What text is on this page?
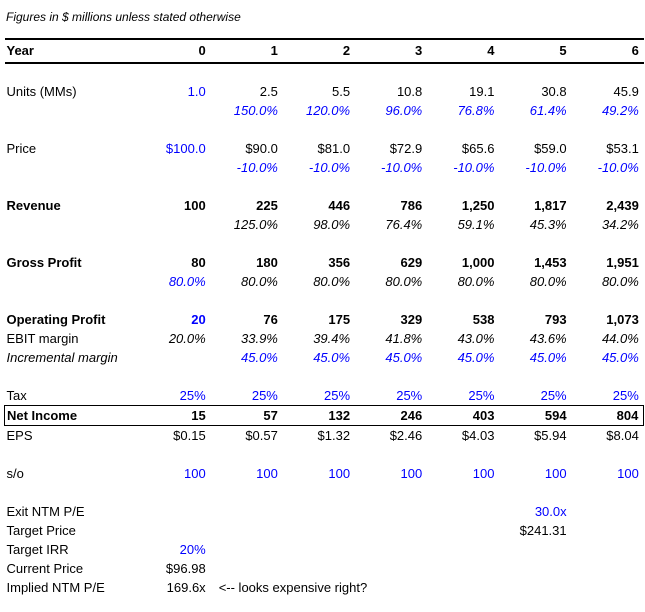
Figures in $ millions unless stated otherwise
Year	0	1	2	3	4	5	6

Units (MMs)	1.0	2.5	5.5	10.8	19.1	30.8	45.9
		150.0%	120.0%	96.0%	76.8%	61.4%	49.2%

Price	$100.0	$90.0	$81.0	$72.9	$65.6	$59.0	$53.1
		-10.0%	-10.0%	-10.0%	-10.0%	-10.0%	-10.0%

Revenue	100	225	446	786	1,250	1,817	2,439
		125.0%	98.0%	76.4%	59.1%	45.3%	34.2%

Gross Profit	80	180	356	629	1,000	1,453	1,951
	80.0%	80.0%	80.0%	80.0%	80.0%	80.0%	80.0%

Operating Profit	20	76	175	329	538	793	1,073
EBIT margin	20.0%	33.9%	39.4%	41.8%	43.0%	43.6%	44.0%
Incremental margin		45.0%	45.0%	45.0%	45.0%	45.0%	45.0%

Tax	25%	25%	25%	25%	25%	25%	25%
Net Income	15	57	132	246	403	594	804
EPS	$0.15	$0.57	$1.32	$2.46	$4.03	$5.94	$8.04

s/o	100	100	100	100	100	100	100

Exit NTM P/E						30.0x	
Target Price						$241.31	
Target IRR	20%						
Current Price	$96.98						
Implied NTM P/E	169.6x	<-- looks expensive right?					
